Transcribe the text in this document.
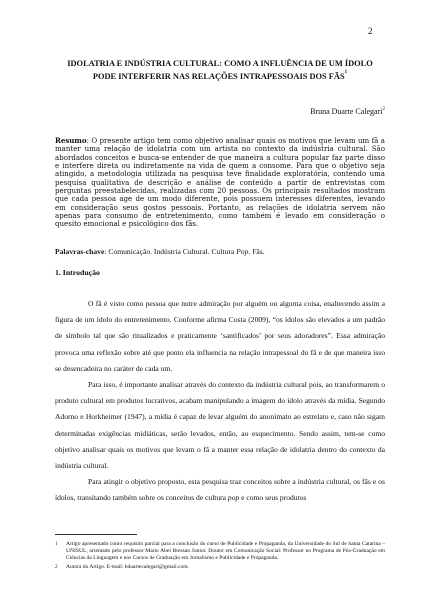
2
IDOLATRIA E INDÚSTRIA CULTURAL: COMO A INFLUÊNCIA DE UM ÍDOLO
PODE INTERFERIR NAS RELAÇÕES INTRAPESSOAIS DOS FÃS$^1$
Bruna Duarte Calegari$^2$
Resumo: O presente artigo tem como objetivo analisar quais os motivos que levam um fã a manter uma relação de idolatria com um artista no contexto da indústria cultural. São abordados conceitos e busca-se entender de que maneira a cultura popular faz parte disso e interfere direta ou indiretamente na vida de quem a consome. Para que o objetivo seja atingido, a metodologia utilizada na pesquisa teve finalidade exploratória, contendo uma pesquisa qualitativa de descrição e análise de conteúdo a partir de entrevistas com perguntas preestabelecidas, realizadas com 20 pessoas. Os principais resultados mostram que cada pessoa age de um modo diferente, pois possuem interesses diferentes, levando em consideração seus gostos pessoais. Portanto, as relações de idolatria servem não apenas para consumo de entretenimento, como também é levado em consideração o quesito emocional e psicológico dos fãs.
Palavras-chave: Comunicação. Indústria Cultural. Cultura Pop. Fãs.
1. Introdução

O fã é visto como pessoa que nutre admiração por alguém ou alguma coisa, enaltecendo assim a figura de um ídolo do entretenimento. Conforme afirma Costa (2009), “os ídolos são elevados a um padrão de símbolo tal que são ritualizados e praticamente ‘santificados’ por seus adoradores”. Essa admiração provoca uma reflexão sobre até que ponto ela influencia na relação intrapessoal do fã e de que maneira isso se desencadeira no caráter de cada um.

Para isso, é importante analisar através do contexto da indústria cultural pois, ao transformarem o produto cultural em produtos lucrativos, acabam manipulando a imagem do ídolo através da mídia. Segundo Adorno e Horkheimer (1947), a mídia é capaz de levar alguém do anonimato ao estrelato e, caso não sigam determinadas exigências midiáticas, serão levados, então, ao esquecimento. Sendo assim, tem-se como objetivo analisar quais os motivos que levam o fã a manter essa relação de idolatria dentro do contexto da indústria cultural.

Para atingir o objetivo proposto, esta pesquisa traz conceitos sobre a indústria cultural, os fãs e os ídolos, transitando também sobre os conceitos de cultura pop e como seus produtos

1	Artigo apresentado como requisito parcial para a conclusão do curso de Publicidade e Propaganda, da Universidade do Sul de Santa Catarina – UNISUL, orientado pelo professor Mario Abel Bressan Junior. Doutor em Comunicação Social: Professor no Programa de Pós-Graduação em Ciências da Linguagem e nos Cursos de Graduação em Jornalismo e Publicidade e Propaganda.
2	Autora do Artigo. E-mail: bduartecalegari@gmail.com.
